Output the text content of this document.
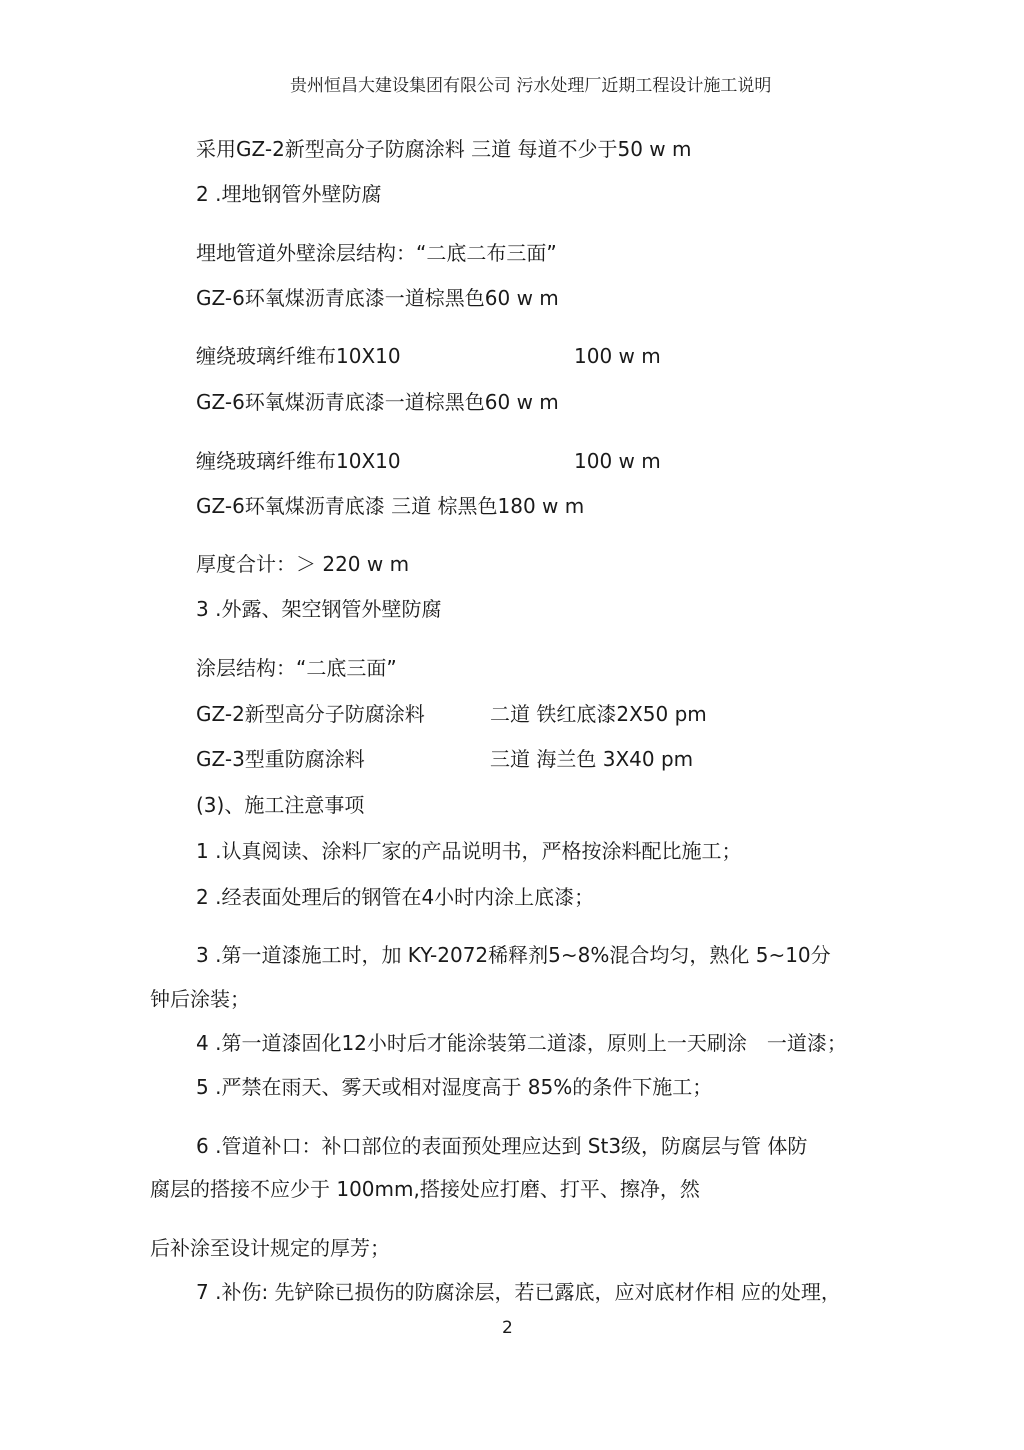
贵州恒昌大建设集团有限公司 污水处理厂近期工程设计施工说明
采用GZ-2新型高分子防腐涂料 三道 每道不少于50 w m
2 .埋地钢管外壁防腐
埋地管道外壁涂层结构：“二底二布三面”
GZ-6环氧煤沥青底漆一道棕黑色60 w m
缠绕玻璃纤维布10X10	100 w m
GZ-6环氧煤沥青底漆一道棕黑色60 w m
缠绕玻璃纤维布10X10	100 w m
GZ-6环氧煤沥青底漆 三道 棕黑色180 w m
厚度合计：＞ 220 w m
3 .外露、架空钢管外壁防腐
涂层结构：“二底三面”
GZ-2新型高分子防腐涂料	二道 铁红底漆2X50 pm
GZ-3型重防腐涂料	三道 海兰色 3X40 pm
(3)、施工注意事项
1 .认真阅读、涂料厂家的产品说明书，严格按涂料配比施工；
2 .经表面处理后的钢管在4小时内涂上底漆；
3 .第一道漆施工时，加 KY-2072稀释剂5~8%混合均匀，熟化 5~10分
钟后涂装；
4 .第一道漆固化12小时后才能涂装第二道漆，原则上一天刷涂　一道漆；
5 .严禁在雨天、雾天或相对湿度高于 85%的条件下施工；
6 .管道补口：补口部位的表面预处理应达到 St3级，防腐层与管 体防
腐层的搭接不应少于 100mm,搭接处应打磨、打平、擦净，然
后补涂至设计规定的厚芳；
7 .补伤: 先铲除已损伤的防腐涂层，若已露底，应对底材作相 应的处理，
2
